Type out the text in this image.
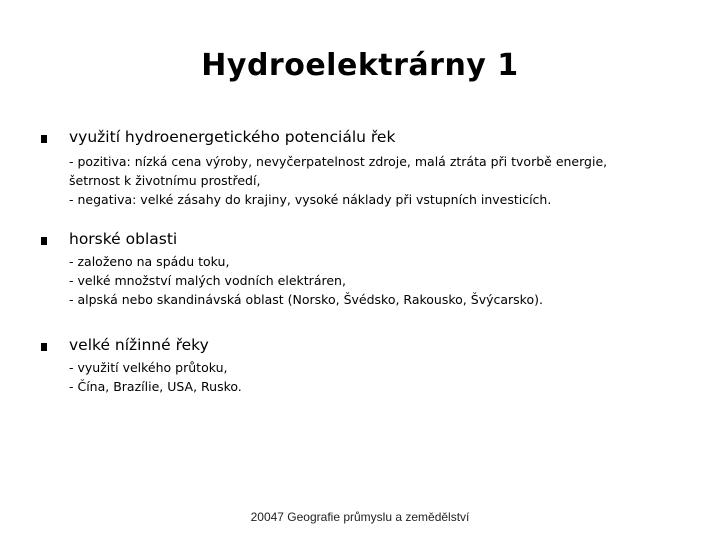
Hydroelektrárny 1
využití hydroenergetického potenciálu řek
- pozitiva: nízká cena výroby, nevyčerpatelnost zdroje, malá ztráta při tvorbě energie,
šetrnost k životnímu prostředí,
- negativa: velké zásahy do krajiny, vysoké náklady při vstupních investicích.
horské oblasti
- založeno na spádu toku,
- velké množství malých vodních elektráren,
- alpská nebo skandinávská oblast (Norsko, Švédsko, Rakousko, Švýcarsko).
velké nížinné řeky
- využití velkého průtoku,
- Čína, Brazílie, USA, Rusko.
20047 Geografie průmyslu a zemědělství
